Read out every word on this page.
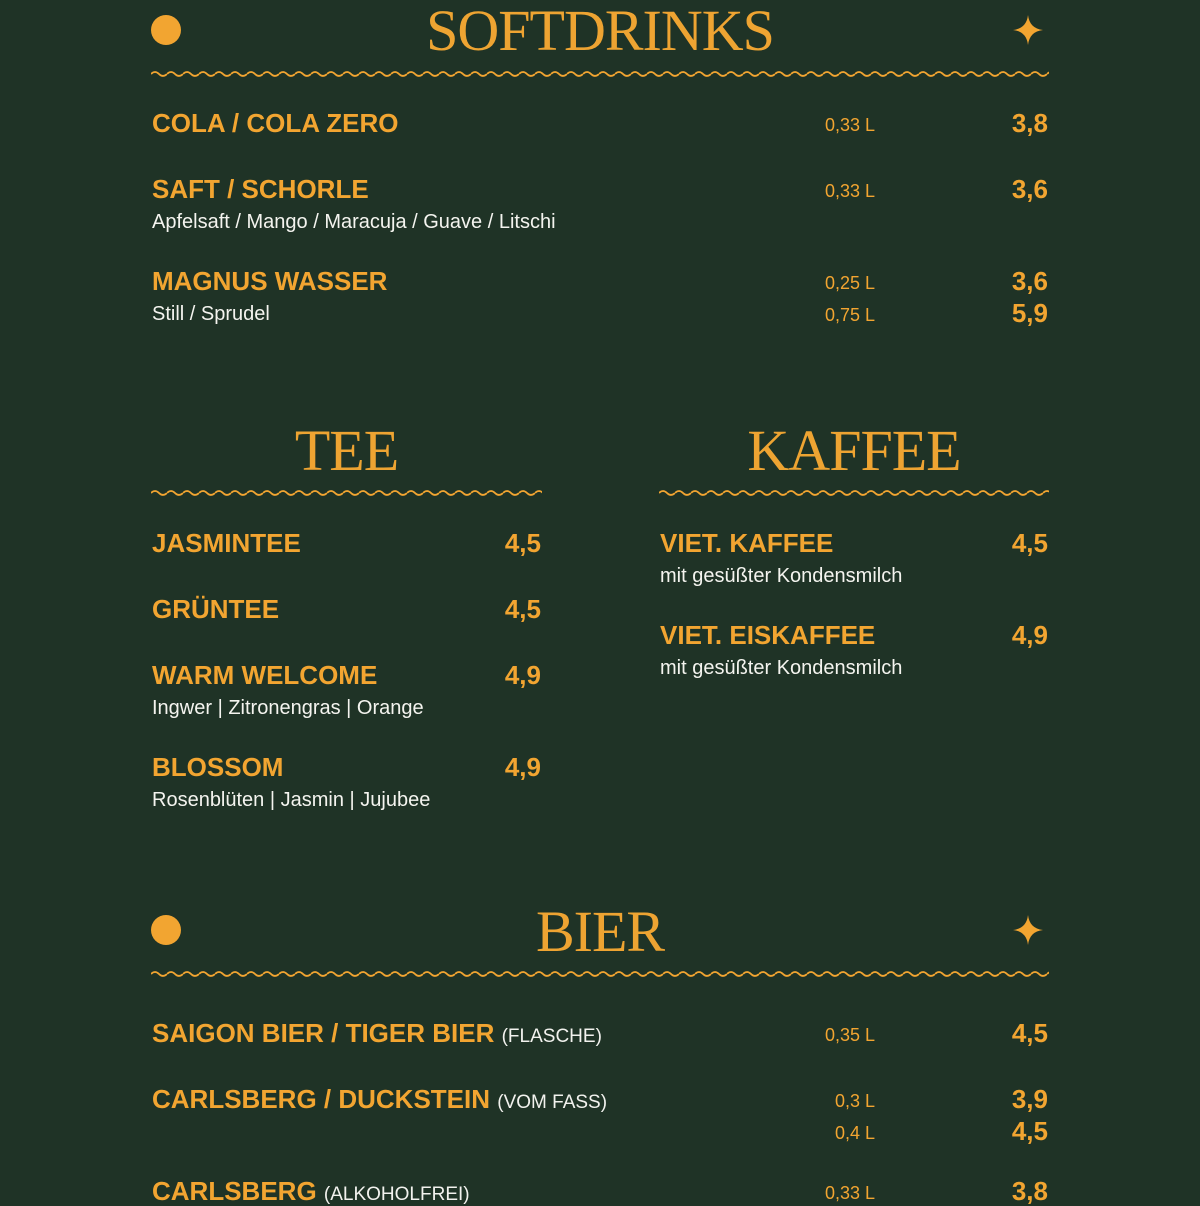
SOFTDRINKS
COLA / COLA ZERO	0,33 L	3,8
SAFT / SCHORLE	0,33 L	3,6
Apfelsaft / Mango / Maracuja / Guave / Litschi
MAGNUS WASSER	0,25 L	3,6
Still / Sprudel	0,75 L	5,9
TEE
JASMINTEE	4,5
GRÜNTEE	4,5
WARM WELCOME	4,9
Ingwer | Zitronengras | Orange
BLOSSOM	4,9
Rosenblüten | Jasmin | Jujubee
KAFFEE
VIET. KAFFEE	4,5
mit gesüßter Kondensmilch
VIET. EISKAFFEE	4,9
mit gesüßter Kondensmilch
BIER
SAIGON BIER / TIGER BIER (FLASCHE)	0,35 L	4,5
CARLSBERG / DUCKSTEIN (VOM FASS)	0,3 L	3,9
0,4 L	4,5
CARLSBERG (ALKOHOLFREI)	0,33 L	3,8
